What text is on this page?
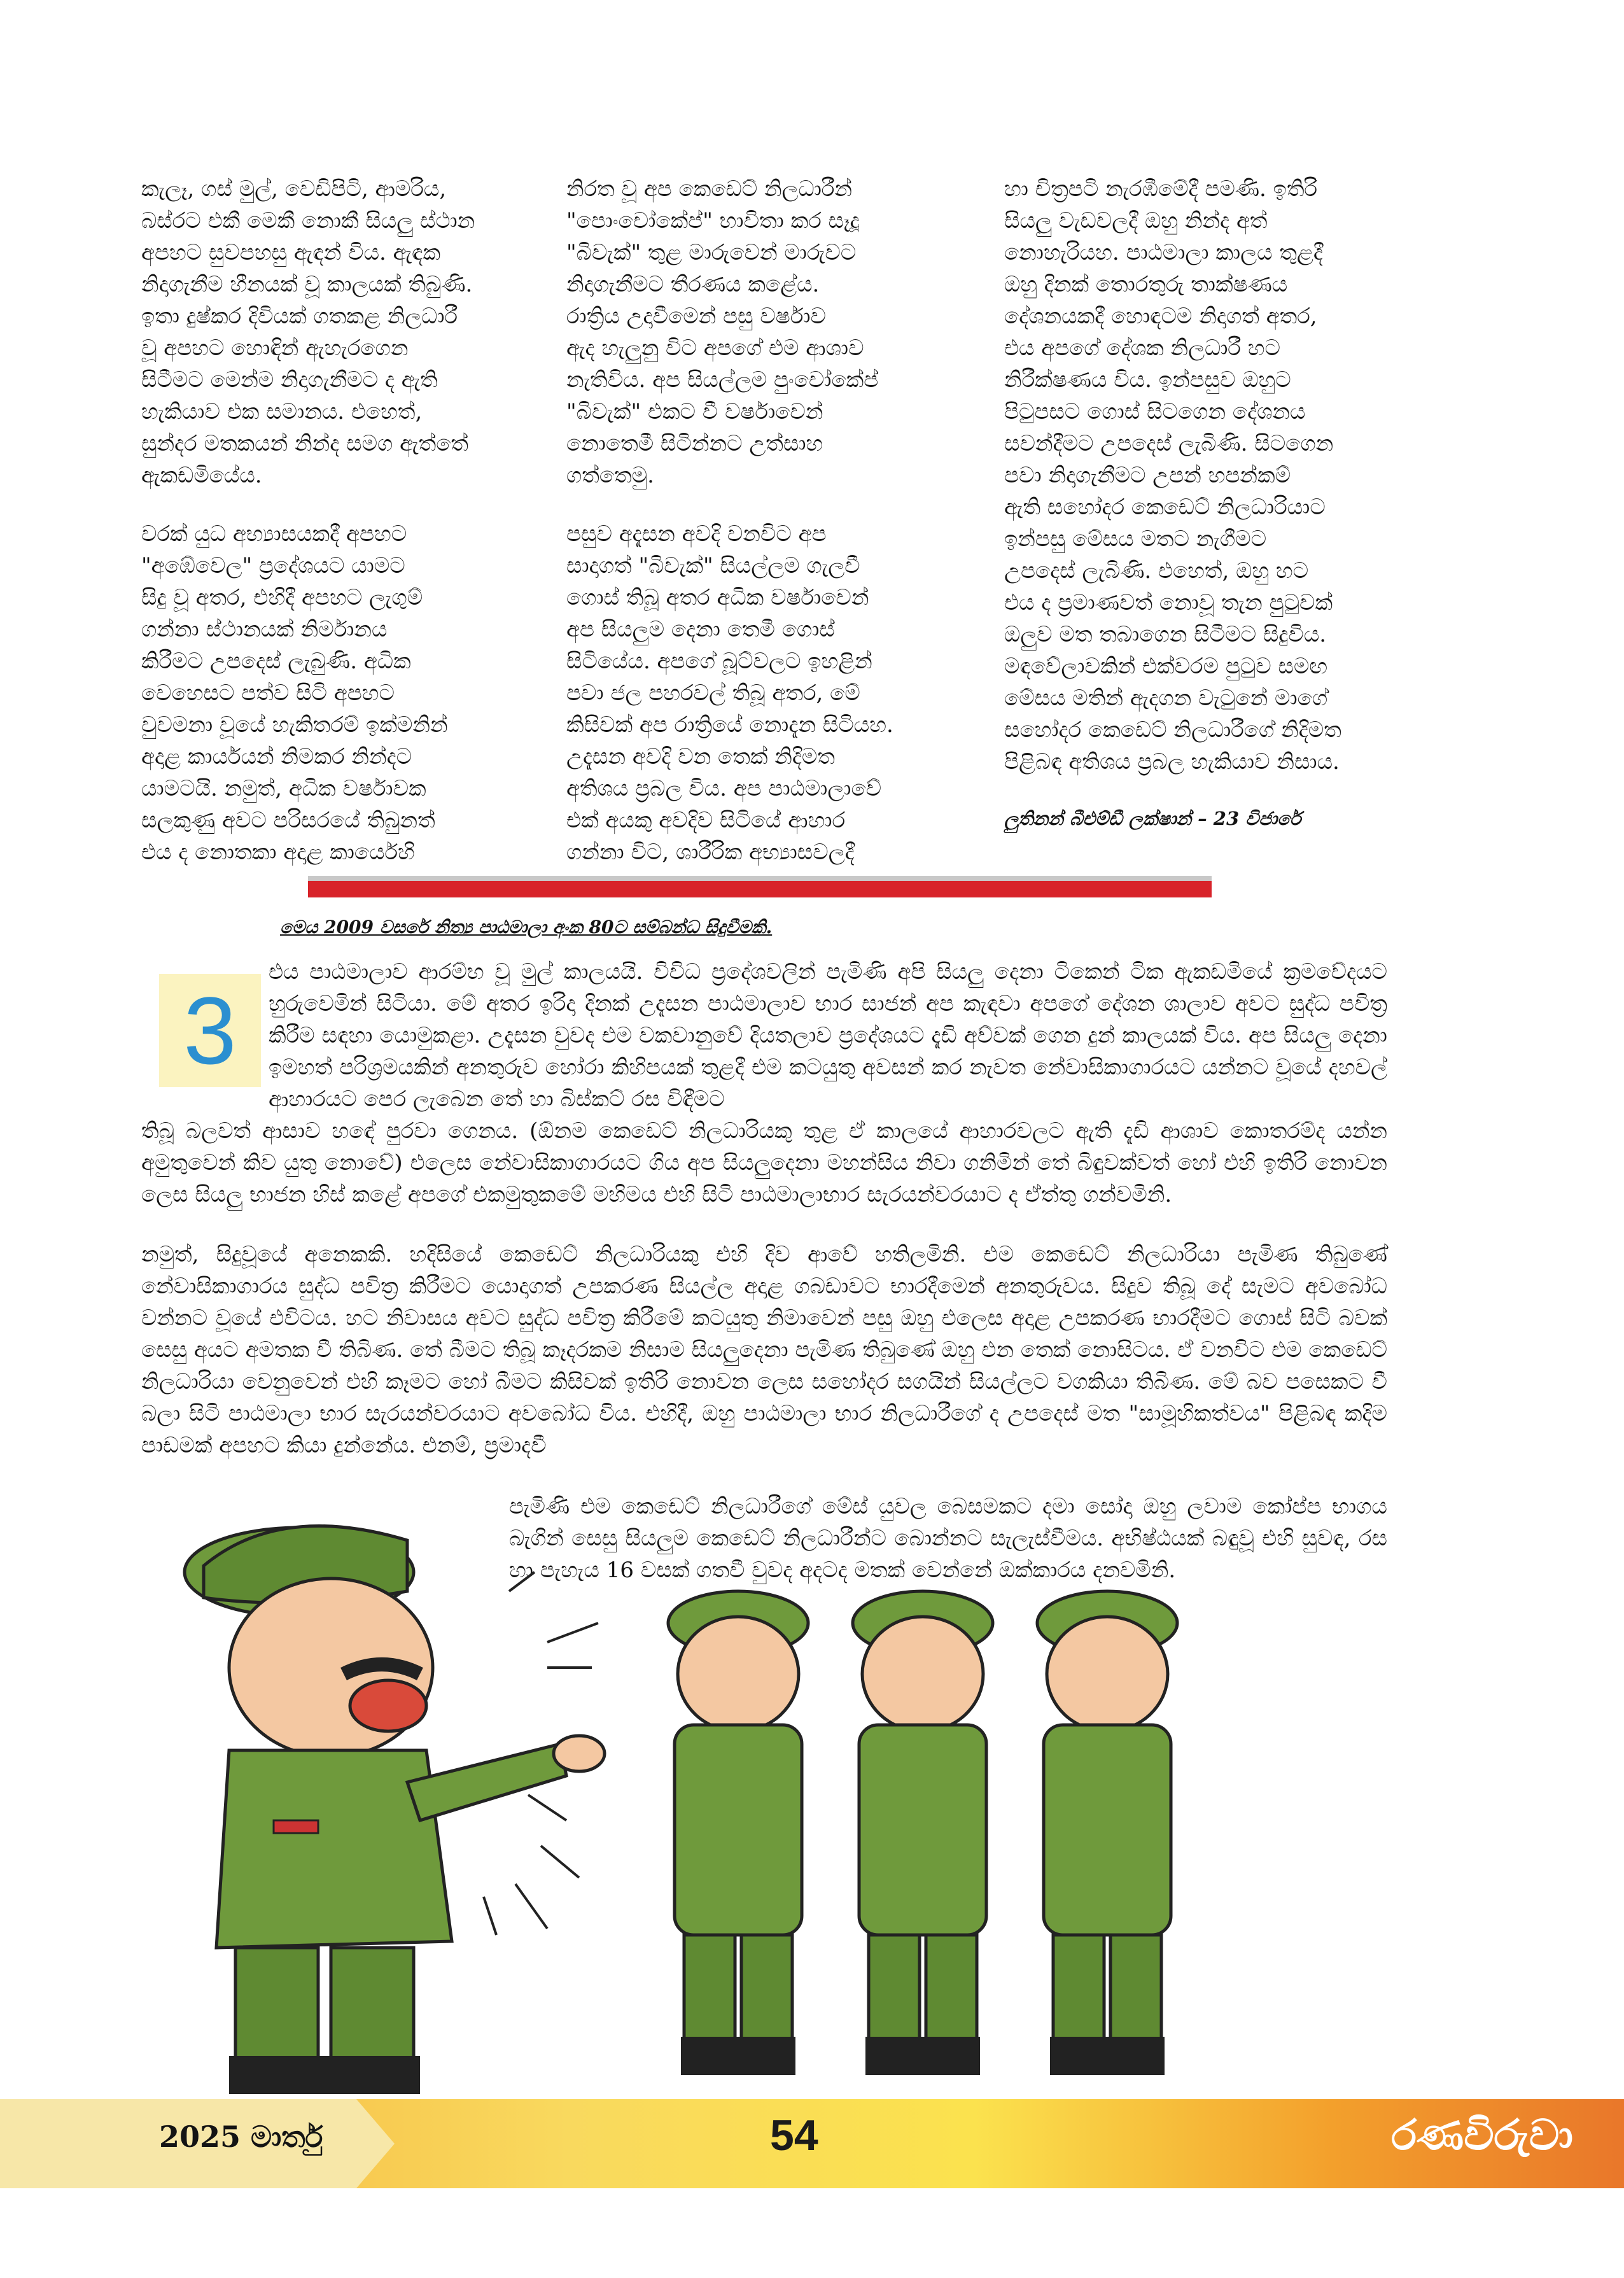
කැලෑ, ගස් මුල්, වෙඩිපිටි, ආමරිය,
බස්රට එකී මෙකී නොකී සියලු ස්ථාන
අපහට සුවපහසු ඇඳන් විය. ඇඳක
නිදාගැනීම හීනයක් වූ කාලයක් තිබුණි.
ඉතා දුෂ්කර දිවියක් ගතකළ නිලධාරී
වූ අපහට හොඳින් ඇහැරගෙන
සිටීමට මෙන්ම නිදාගැනීමට ද ඇති
හැකියාව එක සමානය. එහෙත්,
සුන්දර මතකයන් නින්ද සමග ඇත්තේ
ඇකඩමියේය.

වරක් යුධ අභ්‍යාසයකදී අපහට
"අඹේවෙල" ප්‍රදේශයට යාමට
සිදු වූ අතර, එහිදී අපහට ලැගුම්
ගන්නා ස්ථානයක් නිර්මානය
කිරීමට උපදෙස් ලැබුණි. අධික
වෙහෙසට පත්ව සිටි අපහට
වුවමනා වූයේ හැකිතරම් ඉක්මනින්
අදාළ කාර්යයන් නිමකර නින්දට
යාමටයි. නමුත්, අධික වර්ෂාවක
සලකුණු අවට පරිසරයේ තිබුනත්
එය ද නොතකා අදාළ කාර්යෙහි

නිරත වූ අප කෙඩෙට් නිලධාරීන්
"පොංචෝකේප්" භාවිතා කර සෑදූ
"බිවැක්" තුළ මාරුවෙන් මාරුවට
නිදාගැනීමට තීරණය කළේය.
රාත්‍රිය උදාවීමෙන් පසු වර්ෂාව
ඇද හැලුනු විට අපගේ එම ආශාව
නැතිවිය. අප සියල්ලම පුංචෝකේප්
"බිවැක්" එකට වී වර්ෂාවෙන්
නොතෙමී සිටින්නට උත්සාහ
ගත්තෙමු.

පසුව අදැසන අවදි වනවිට අප
සාදාගත් "බිවැක්" සියල්ලම ගැලවී
ගොස් තිබූ අතර අධික වර්ෂාවෙන්
අප සියලුම දෙනා තෙමී ගොස්
සිටියේය. අපගේ බූට්වලට ඉහළින්
පවා ජල පහරවල් තිබූ අතර, මේ
කිසිවක් අප රාත්‍රියේ නොදැන සිටියහ.
උදැසන අවදි වන තෙක් නිදිමත
අතිශය ප්‍රබල විය. අප පාඨමාලාවේ
එක් අයකු අවදිව සිටියේ ආහාර
ගන්නා විට, ශාරීරික අභ්‍යාසවලදී

හා චිත්‍රපටි නැරඹීමේදී පමණි. ඉතිරි
සියලු වැඩවලදී ඔහු නින්ද අත්
නොහැරියහ. පාඨමාලා කාලය තුළදී
ඔහු දිනක් තොරතුරු තාක්ෂණය
දේශනයකදී හොඳටම නිදාගත් අතර,
එය අපගේ දේශක නිලධාරී හට
නිරීක්ෂණය විය. ඉන්පසුව ඔහුට
පිටුපසට ගොස් සිටගෙන දේශනය
සවන්දීමට උපදෙස් ලැබිණි. සිටගෙන
පවා නිදාගැනීමට උපන් හපන්කම්
ඇති සහෝදර කෙඩෙට් නිලධාරියාට
ඉන්පසු මේසය මතට නැගීමට
උපදෙස් ලැබිණි. එහෙත්, ඔහු හට
එය ද ප්‍රමාණවත් නොවූ තැන පුටුවක්
ඔලුව මත තබාගෙන සිටීමට සිදුවිය.
මඳවේලාවකින් එක්වරම පුටුව සමඟ
මේසය මතින් ඇදගන වැටුනේ මාගේ
සහෝදර කෙඩෙට් නිලධාරීගේ නිදිමත
පිළිබඳ අතිශය ප්‍රබල හැකියාව නිසාය.

ලුතිනන් බීඑම්ඩී ලක්ෂාන් – 23 විජාරේ
මෙය 2009 වසරේ නිත්‍ය පාඨමාලා අංක 80ට සම්බන්ධ සිදුවීමකි.
3

එය පාඨමාලාව ආරම්භ වූ මුල් කාලයයි. විවිධ ප්‍රදේශවලින් පැමිණි අපි සියලු දෙනා ටිකෙන් ටික ඇකඩමියේ ක්‍රමවේදයට හුරුවෙමින් සිටියා. මේ අතර ඉරිදා දිනක් උදැසන පාඨමාලාව භාර සාජන් අප කැඳවා අපගේ දේශන ශාලාව අවට සුද්ධ පවිත්‍ර කිරීම සඳහා යොමුකළා. උදැසන වුවද එම වකවානුවේ දියතලාව ප්‍රදේශයට දැඩි අව්වක් ගෙන දුන් කාලයක් විය. අප සියලු දෙනා ඉමහත් පරිශ්‍රමයකින් අනතුරුව හෝරා කිහිපයක් තුළදී එම කටයුතු අවසන් කර නැවත නේවාසිකාගාරයට යන්නට වූයේ දහවල් ආහාරයට පෙර ලැබෙන තේ හා බිස්කට් රස විඳීමට

තිබූ බලවත් ආසාව හඳේ පුරවා ගෙනය. (ඕනම කෙඩෙට් නිලධාරියකු තුළ ඒ කාලයේ ආහාරවලට ඇති දැඩි ආශාව කොතරම්ද යන්න අමුතුවෙන් කිව යුතු නොවේ) එලෙස නේවාසිකාගාරයට ගිය අප සියලුදෙනා මහන්සිය නිවා ගනිමින් තේ බිඳුවක්වත් හෝ එහි ඉතිරි නොවන ලෙස සියලු භාජන හිස් කළේ අපගේ එකමුතුකමේ මහිමය එහි සිටි පාඨමාලාභාර සැරයන්වරයාට ද ඒත්තු ගන්වමිනි.

නමුත්, සිදුවූයේ අනෙකකි. හදිසියේ කෙඩෙට් නිලධාරියකු එහි දිව ආවේ හතිලමිනි. එම කෙඩෙට් නිලධාරියා පැමිණ තිබුණේ නේවාසිකාගාරය සුද්ධ පවිත්‍ර කිරීමට යොදාගත් උපකරණ සියල්ල අදාළ ගබඩාවට භාරදීමෙන් අනතුරුවය. සිදුව තිබූ දේ සැමට අවබෝධ වන්නට වූයේ එවිටය. හට නිවාසය අවට සුද්ධ පවිත්‍ර කිරීමේ කටයුතු නිමාවෙන් පසු ඔහු එලෙස අදාළ උපකරණ භාරදීමට ගොස් සිටි බවක් සෙසු අයට අමතක වී තිබිණ. තේ බීමට තිබූ කෑදරකම නිසාම සියලුදෙනා පැමිණ තිබුණේ ඔහු එන තෙක් නොසිටය. ඒ වනවිට එම කෙඩෙට් නිලධාරියා වෙනුවෙන් එහි කෑමට හෝ බීමට කිසිවක් ඉතිරි නොවන ලෙස සහෝදර සගයින් සියල්ලට වගකියා තිබිණ. මේ බව පසෙකට වී බලා සිටි පාඨමාලා භාර සැරයන්වරයාට අවබෝධ විය. එහිදී, ඔහු පාඨමාලා භාර නිලධාරීගේ ද උපදෙස් මත "සාමූහිකත්වය" පිළිබඳ කදිම පාඩමක් අපහට කියා දුන්නේය. එනම්, ප්‍රමාදවී

පැමිණි එම කෙඩෙට් නිලධාරීගේ මේස් යුවල බෙසමකට දමා සෝදා ඔහු ලවාම කෝප්ප භාගය බැගින් සෙසු සියලුම කෙඩෙට් නිලධාරීන්ට බොන්නට සැලැස්වීමය. අභිෂ්ඨයක් බඳුවූ එහි සුවඳ, රස හා පැහැය 16 වසක් ගතවී වුවද අදටද මතක් වෙන්නේ ඔක්කාරය දනවමිනි.

2025 මාර්තු	54	රණවිරුවා
